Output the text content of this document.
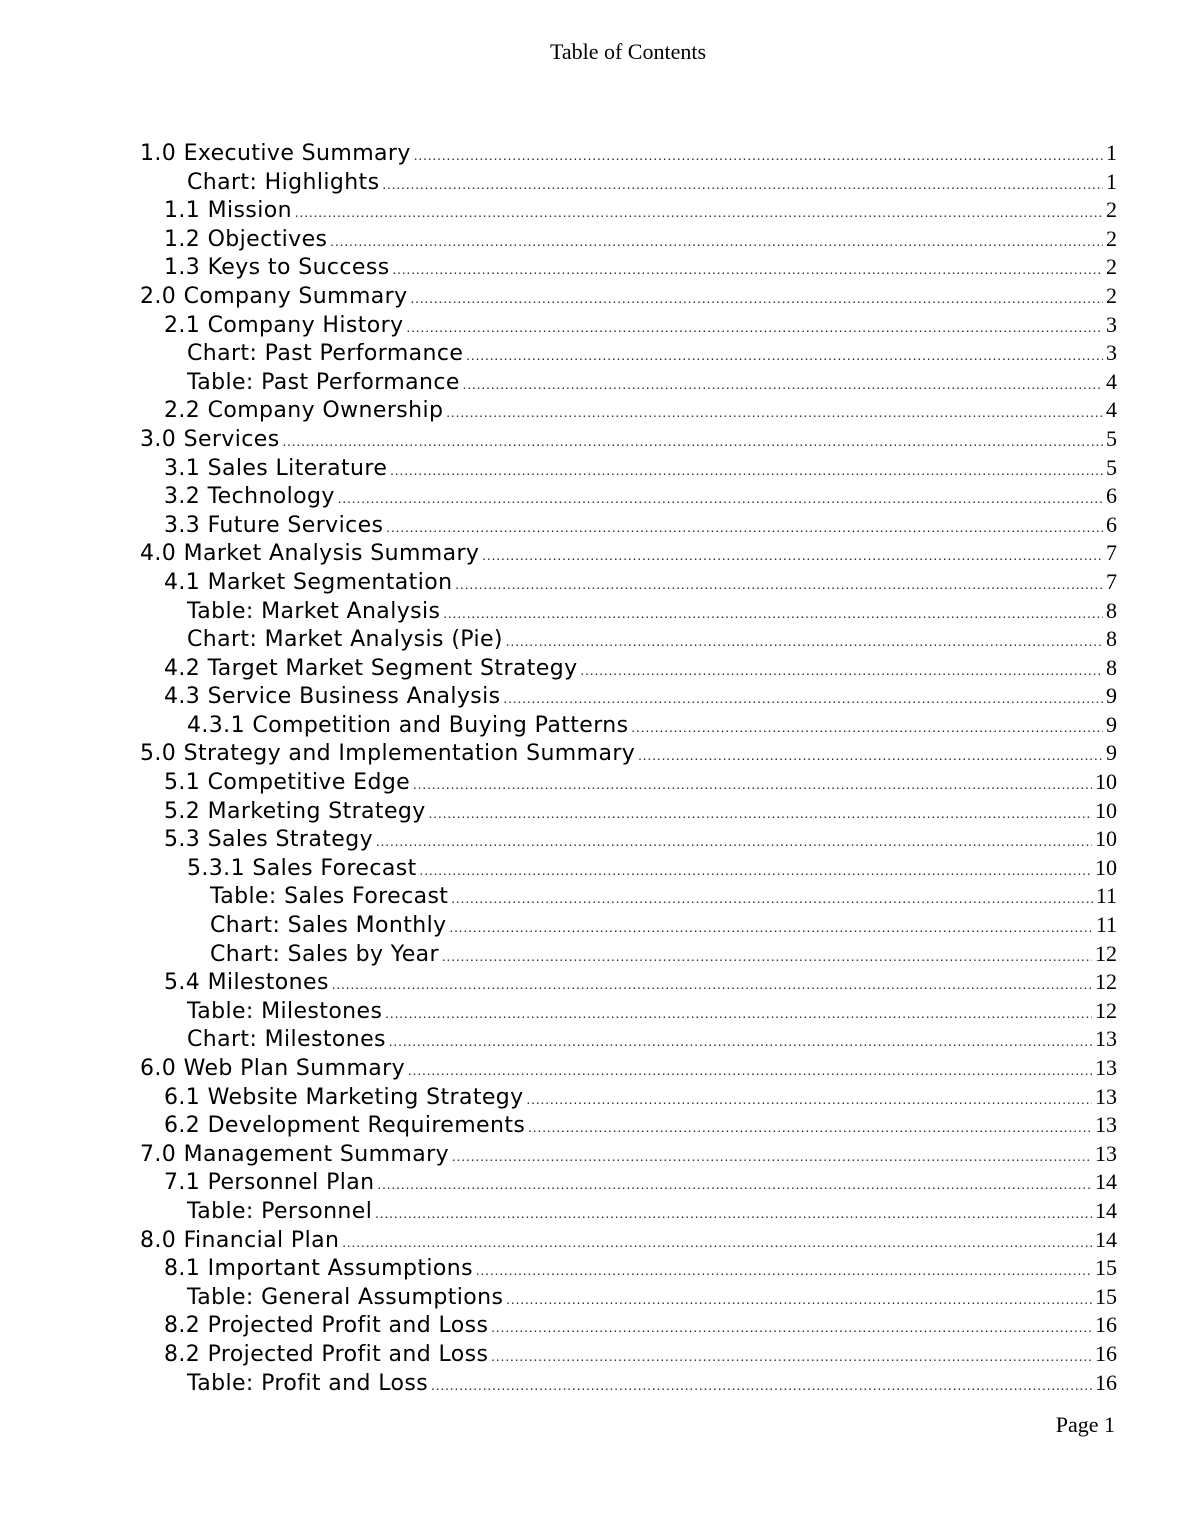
Table of Contents
1.0 Executive Summary .....	1
Chart: Highlights .....	1
1.1 Mission .....	2
1.2 Objectives .....	2
1.3 Keys to Success .....	2
2.0 Company Summary .....	2
2.1 Company History .....	3
Chart: Past Performance .....	3
Table: Past Performance .....	4
2.2 Company Ownership .....	4
3.0 Services .....	5
3.1 Sales Literature .....	5
3.2 Technology .....	6
3.3 Future Services .....	6
4.0 Market Analysis Summary .....	7
4.1 Market Segmentation .....	7
Table: Market Analysis .....	8
Chart: Market Analysis (Pie) .....	8
4.2 Target Market Segment Strategy .....	8
4.3 Service Business Analysis .....	9
4.3.1 Competition and Buying Patterns .....	9
5.0 Strategy and Implementation Summary .....	9
5.1 Competitive Edge .....	10
5.2 Marketing Strategy .....	10
5.3 Sales Strategy .....	10
5.3.1 Sales Forecast .....	10
Table: Sales Forecast .....	11
Chart: Sales Monthly .....	11
Chart: Sales by Year .....	12
5.4 Milestones .....	12
Table: Milestones .....	12
Chart: Milestones .....	13
6.0 Web Plan Summary .....	13
6.1 Website Marketing Strategy .....	13
6.2 Development Requirements .....	13
7.0 Management Summary .....	13
7.1 Personnel Plan .....	14
Table: Personnel .....	14
8.0 Financial Plan .....	14
8.1 Important Assumptions .....	15
Table: General Assumptions .....	15
8.2 Projected Profit and Loss .....	16
8.2 Projected Profit and Loss .....	16
Table: Profit and Loss .....	16
Page 1
